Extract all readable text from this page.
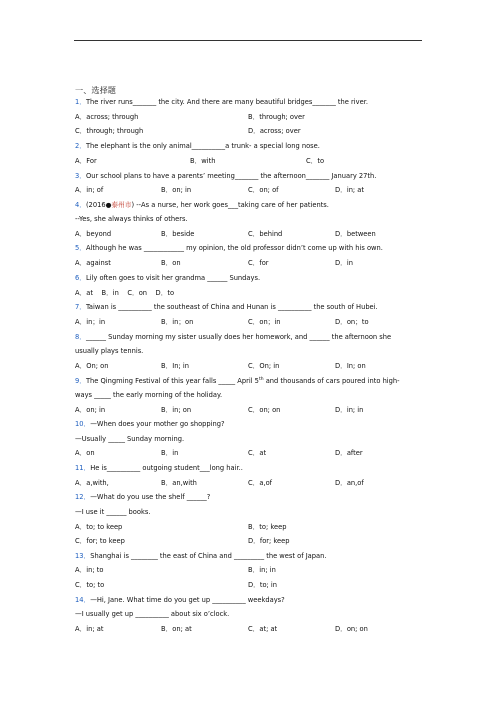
一、选择题
1．The river runs_______ the city. And there are many beautiful bridges_______ the river.
A．across; through	B．through; over
C．through; through	D．across; over
2．The elephant is the only animal__________a trunk- a special long nose.
A．For	B．with	C．to
3．Our school plans to have a parents’ meeting_______ the afternoon_______ January 27th.
A．in; of	B．on; in	C．on; of	D．in; at
4．(2016●泰州市) --As a nurse, her work goes___taking care of her patients.
--Yes, she always thinks of others.
A．beyond	B．beside	C．behind	D．between
5．Although he was ____________ my opinion, the old professor didn’t come up with his own.
A．against	B．on	C．for	D．in
6．Lily often goes to visit her grandma ______ Sundays.
A．at    B．in    C．on    D．to
7．Taiwan is __________ the southeast of China and Hunan is __________ the south of Hubei.
A．in；in	B．in；on	C．on；in	D．on；to
8．______ Sunday morning my sister usually does her homework, and ______ the afternoon she
usually plays tennis.
A．On; on	B．In; in	C．On; in	D．In; on
9．The Qingming Festival of this year falls _____ April 5th and thousands of cars poured into high-
ways _____ the early morning of the holiday.
A．on; in	B．in; on	C．on; on	D．in; in
10．—When does your mother go shopping?
—Usually _____ Sunday morning.
A．on	B．in	C．at	D．after
11．He is__________ outgoing student___long hair..
A．a,with,	B．an,with	C．a,of	D．an,of
12．—What do you use the shelf ______?
—I use it ______ books.
A．to; to keep	B．to; keep
C．for; to keep	D．for; keep
13．Shanghai is ________ the east of China and _________ the west of Japan.
A．in; to	B．in; in
C．to; to	D．to; in
14．—Hi, Jane. What time do you get up __________ weekdays?
—I usually get up __________ about six o’clock.
A．in; at	B．on; at	C．at; at	D．on; on
